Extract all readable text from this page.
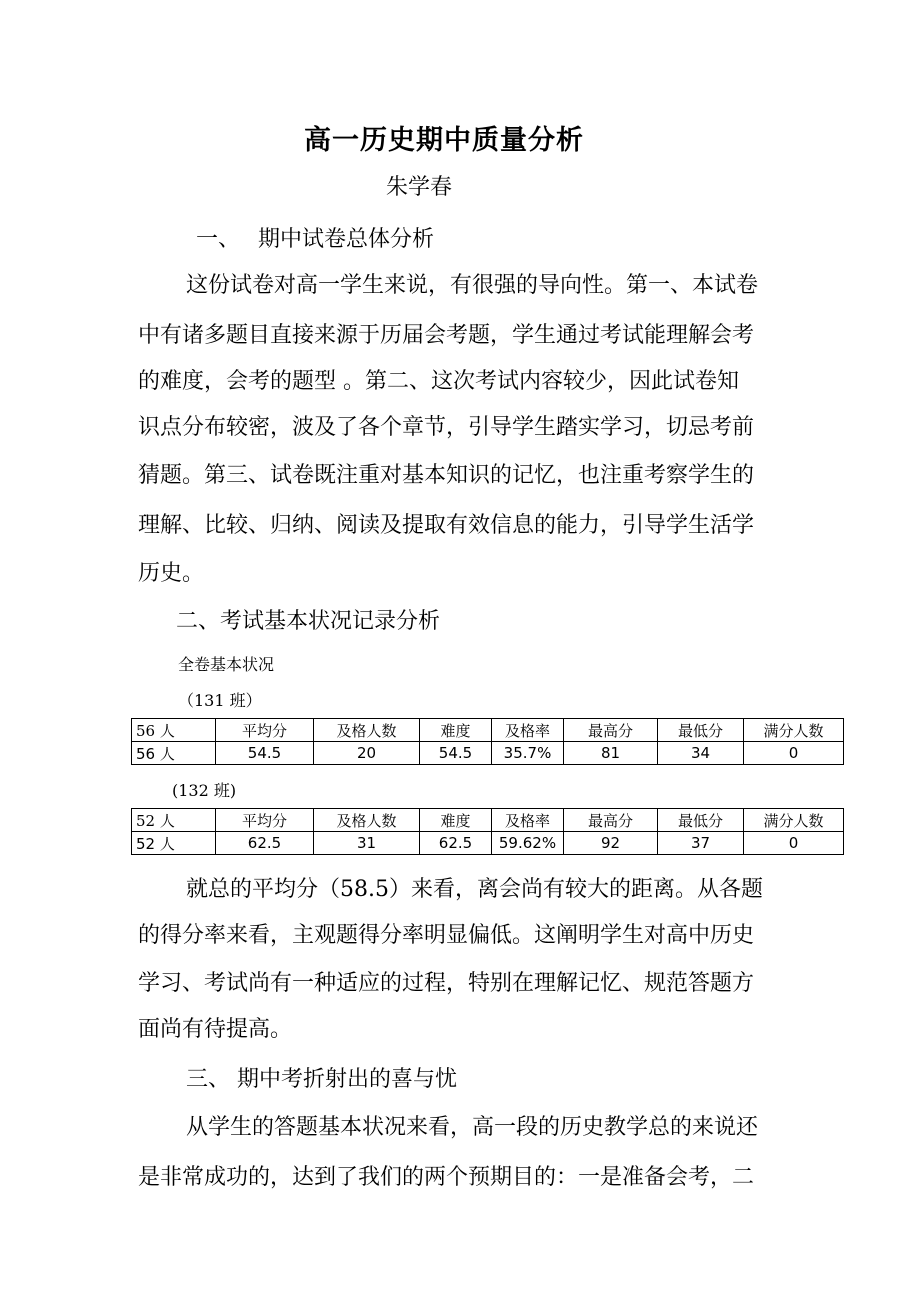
高一历史期中质量分析
朱学春
一、　 期中试卷总体分析
这份试卷对高一学生来说，有很强的导向性。第一、本试卷
中有诸多题目直接来源于历届会考题，学生通过考试能理解会考
的难度，会考的题型 。第二、这次考试内容较少，因此试卷知
识点分布较密，波及了各个章节，引导学生踏实学习，切忌考前
猜题。第三、试卷既注重对基本知识的记忆，也注重考察学生的
理解、比较、归纳、阅读及提取有效信息的能力，引导学生活学
历史。
二、考试基本状况记录分析
全卷基本状况
（131 班）
56 人	平均分	及格人数	难度	及格率	最高分	最低分	满分人数
56 人	54.5	20	54.5	35.7%	81	34	0
(132 班)
52 人	平均分	及格人数	难度	及格率	最高分	最低分	满分人数
52 人	62.5	31	62.5	59.62%	92	37	0
就总的平均分（58.5）来看，离会尚有较大的距离。从各题
的得分率来看，主观题得分率明显偏低。这阐明学生对高中历史
学习、考试尚有一种适应的过程，特别在理解记忆、规范答题方
面尚有待提高。
三、 期中考折射出的喜与忧
从学生的答题基本状况来看，高一段的历史教学总的来说还
是非常成功的，达到了我们的两个预期目的：一是准备会考，二
